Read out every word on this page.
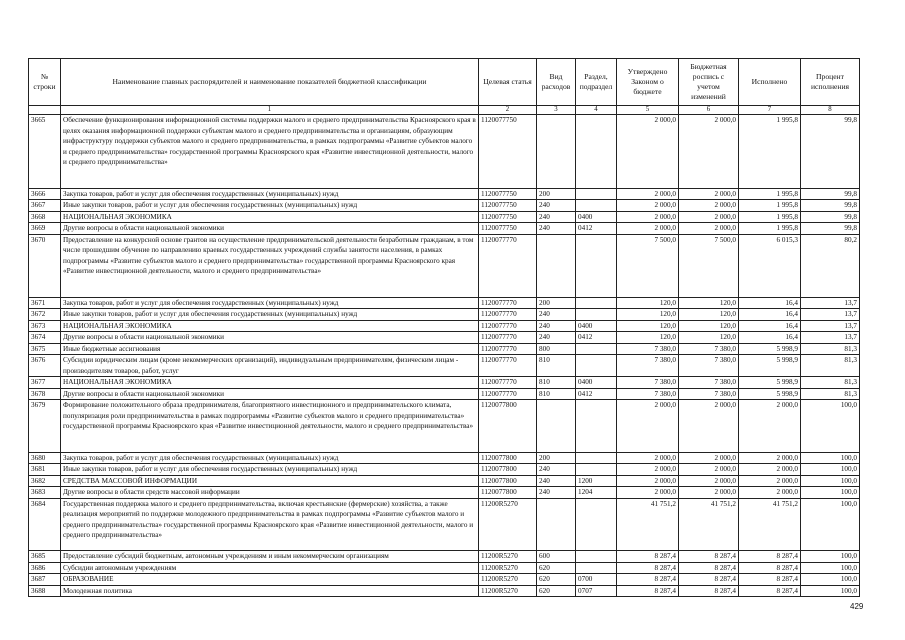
№ строки	Наименование главных распорядителей и наименование показателей бюджетной классификации	Целевая статья	Вид расходов	Раздел, подраздел	Утверждено Законом о бюджете	Бюджетная роспись с учетом изменений	Исполнено	Процент исполнения
	1	2	3	4	5	6	7	8
3665	Обеспечение функционирования информационной системы поддержки малого и среднего предпринимательства Красноярского края в целях оказания информационной поддержки субъектам малого и среднего предпринимательства и организациям, образующим инфраструктуру поддержки субъектов малого и среднего предпринимательства, в рамках подпрограммы «Развитие субъектов малого и среднего предпринимательства» государственной программы Красноярского края «Развитие инвестиционной деятельности, малого и среднего предпринимательства»	1120077750			2 000,0	2 000,0	1 995,8	99,8
3666	Закупка товаров, работ и услуг для обеспечения государственных (муниципальных) нужд	1120077750	200		2 000,0	2 000,0	1 995,8	99,8
3667	Иные закупки товаров, работ и услуг для обеспечения государственных (муниципальных) нужд	1120077750	240		2 000,0	2 000,0	1 995,8	99,8
3668	НАЦИОНАЛЬНАЯ ЭКОНОМИКА	1120077750	240	0400	2 000,0	2 000,0	1 995,8	99,8
3669	Другие вопросы в области национальной экономики	1120077750	240	0412	2 000,0	2 000,0	1 995,8	99,8
3670	Предоставление на конкурсной основе грантов на осуществление предпринимательской деятельности безработным гражданам, в том числе прошедшим обучение по направлению краевых государственных учреждений службы занятости населения, в рамках подпрограммы «Развитие субъектов малого и среднего предпринимательства» государственной программы Красноярского края «Развитие инвестиционной деятельности, малого и среднего предпринимательства»	1120077770			7 500,0	7 500,0	6 015,3	80,2
3671	Закупка товаров, работ и услуг для обеспечения государственных (муниципальных) нужд	1120077770	200		120,0	120,0	16,4	13,7
3672	Иные закупки товаров, работ и услуг для обеспечения государственных (муниципальных) нужд	1120077770	240		120,0	120,0	16,4	13,7
3673	НАЦИОНАЛЬНАЯ ЭКОНОМИКА	1120077770	240	0400	120,0	120,0	16,4	13,7
3674	Другие вопросы в области национальной экономики	1120077770	240	0412	120,0	120,0	16,4	13,7
3675	Иные бюджетные ассигнования	1120077770	800		7 380,0	7 380,0	5 998,9	81,3
3676	Субсидии юридическим лицам (кроме некоммерческих организаций), индивидуальным предпринимателям, физическим лицам - производителям товаров, работ, услуг	1120077770	810		7 380,0	7 380,0	5 998,9	81,3
3677	НАЦИОНАЛЬНАЯ ЭКОНОМИКА	1120077770	810	0400	7 380,0	7 380,0	5 998,9	81,3
3678	Другие вопросы в области национальной экономики	1120077770	810	0412	7 380,0	7 380,0	5 998,9	81,3
3679	Формирование положительного образа предпринимателя, благоприятного инвестиционного и предпринимательского климата, популяризация роли предпринимательства в рамках подпрограммы «Развитие субъектов малого и среднего предпринимательства» государственной программы Красноярского края «Развитие инвестиционной деятельности, малого и среднего предпринимательства»	1120077800			2 000,0	2 000,0	2 000,0	100,0
3680	Закупка товаров, работ и услуг для обеспечения государственных (муниципальных) нужд	1120077800	200		2 000,0	2 000,0	2 000,0	100,0
3681	Иные закупки товаров, работ и услуг для обеспечения государственных (муниципальных) нужд	1120077800	240		2 000,0	2 000,0	2 000,0	100,0
3682	СРЕДСТВА МАССОВОЙ ИНФОРМАЦИИ	1120077800	240	1200	2 000,0	2 000,0	2 000,0	100,0
3683	Другие вопросы в области средств массовой информации	1120077800	240	1204	2 000,0	2 000,0	2 000,0	100,0
3684	Государственная поддержка малого и среднего предпринимательства, включая крестьянские (фермерские) хозяйства, а также реализация мероприятий по поддержке молодежного предпринимательства в рамках подпрограммы «Развитие субъектов малого и среднего предпринимательства» государственной программы Красноярского края «Развитие инвестиционной деятельности, малого и среднего предпринимательства»	11200R5270			41 751,2	41 751,2	41 751,2	100,0
3685	Предоставление субсидий бюджетным, автономным учреждениям и иным некоммерческим организациям	11200R5270	600		8 287,4	8 287,4	8 287,4	100,0
3686	Субсидии автономным учреждениям	11200R5270	620		8 287,4	8 287,4	8 287,4	100,0
3687	ОБРАЗОВАНИЕ	11200R5270	620	0700	8 287,4	8 287,4	8 287,4	100,0
3688	Молодежная политика	11200R5270	620	0707	8 287,4	8 287,4	8 287,4	100,0
429
